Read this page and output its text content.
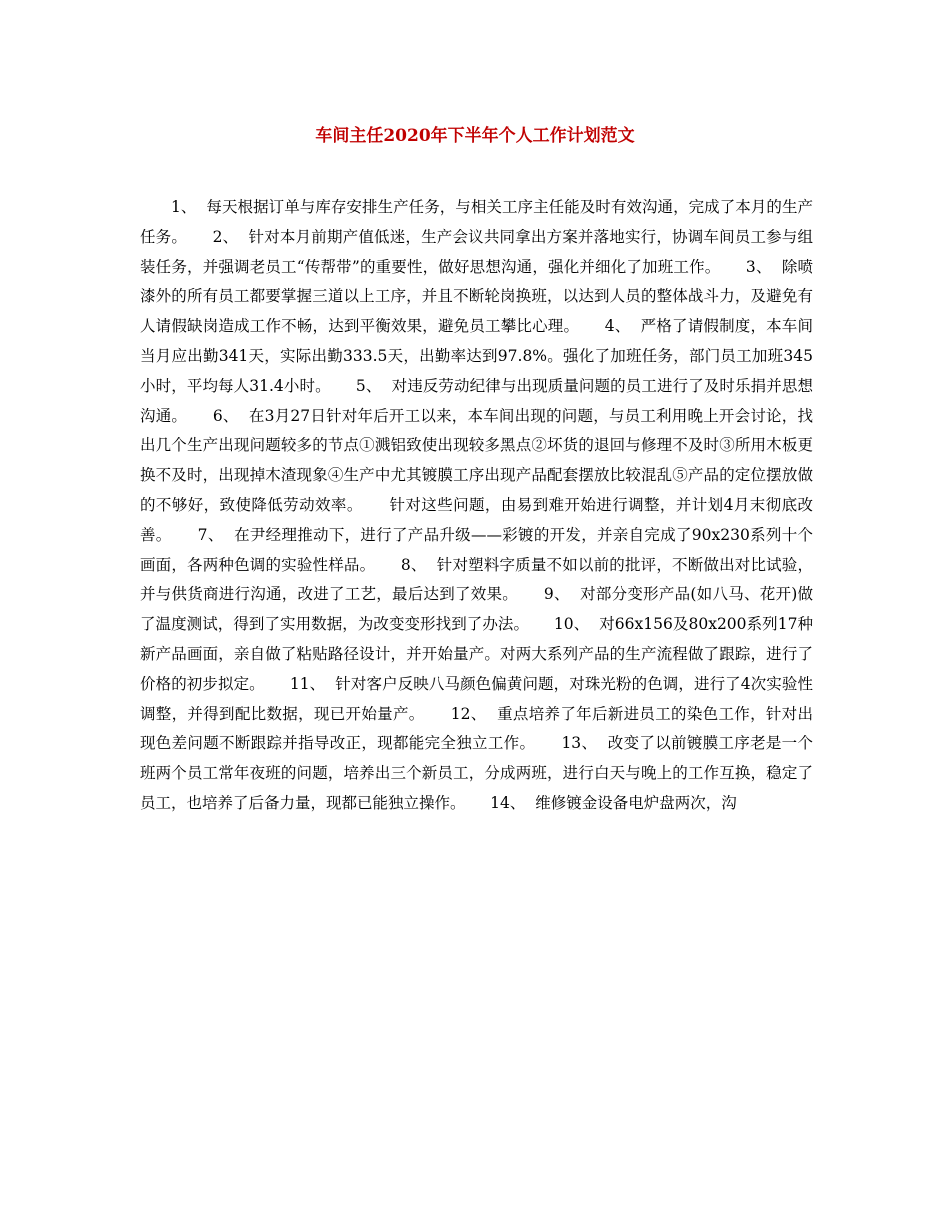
车间主任2020年下半年个人工作计划范文

1、  每天根据订单与库存安排生产任务，与相关工序主任能及时有效沟通，完成了本月的生产任务。     2、  针对本月前期产值低迷，生产会议共同拿出方案并落地实行，协调车间员工参与组装任务，并强调老员工“传帮带”的重要性，做好思想沟通，强化并细化了加班工作。     3、  除喷漆外的所有员工都要掌握三道以上工序，并且不断轮岗换班，以达到人员的整体战斗力，及避免有人请假缺岗造成工作不畅，达到平衡效果，避免员工攀比心理。     4、  严格了请假制度，本车间当月应出勤341天，实际出勤333.5天，出勤率达到97.8%。强化了加班任务，部门员工加班345小时，平均每人31.4小时。     5、  对违反劳动纪律与出现质量问题的员工进行了及时乐捐并思想沟通。     6、  在3月27日针对年后开工以来，本车间出现的问题，与员工利用晚上开会讨论，找出几个生产出现问题较多的节点①溅铝致使出现较多黑点②坏货的退回与修理不及时③所用木板更换不及时，出现掉木渣现象④生产中尤其镀膜工序出现产品配套摆放比较混乱⑤产品的定位摆放做的不够好，致使降低劳动效率。     针对这些问题，由易到难开始进行调整，并计划4月末彻底改善。     7、  在尹经理推动下，进行了产品升级——彩镀的开发，并亲自完成了90x230系列十个画面，各两种色调的实验性样品。     8、  针对塑料字质量不如以前的批评，不断做出对比试验，并与供货商进行沟通，改进了工艺，最后达到了效果。     9、  对部分变形产品(如八马、花开)做了温度测试，得到了实用数据，为改变变形找到了办法。     10、  对66x156及80x200系列17种新产品画面，亲自做了粘贴路径设计，并开始量产。对两大系列产品的生产流程做了跟踪，进行了价格的初步拟定。     11、  针对客户反映八马颜色偏黄问题，对珠光粉的色调，进行了4次实验性调整，并得到配比数据，现已开始量产。     12、  重点培养了年后新进员工的染色工作，针对出现色差问题不断跟踪并指导改正，现都能完全独立工作。     13、  改变了以前镀膜工序老是一个班两个员工常年夜班的问题，培养出三个新员工，分成两班，进行白天与晚上的工作互换，稳定了员工，也培养了后备力量，现都已能独立操作。     14、  维修镀金设备电炉盘两次，沟
